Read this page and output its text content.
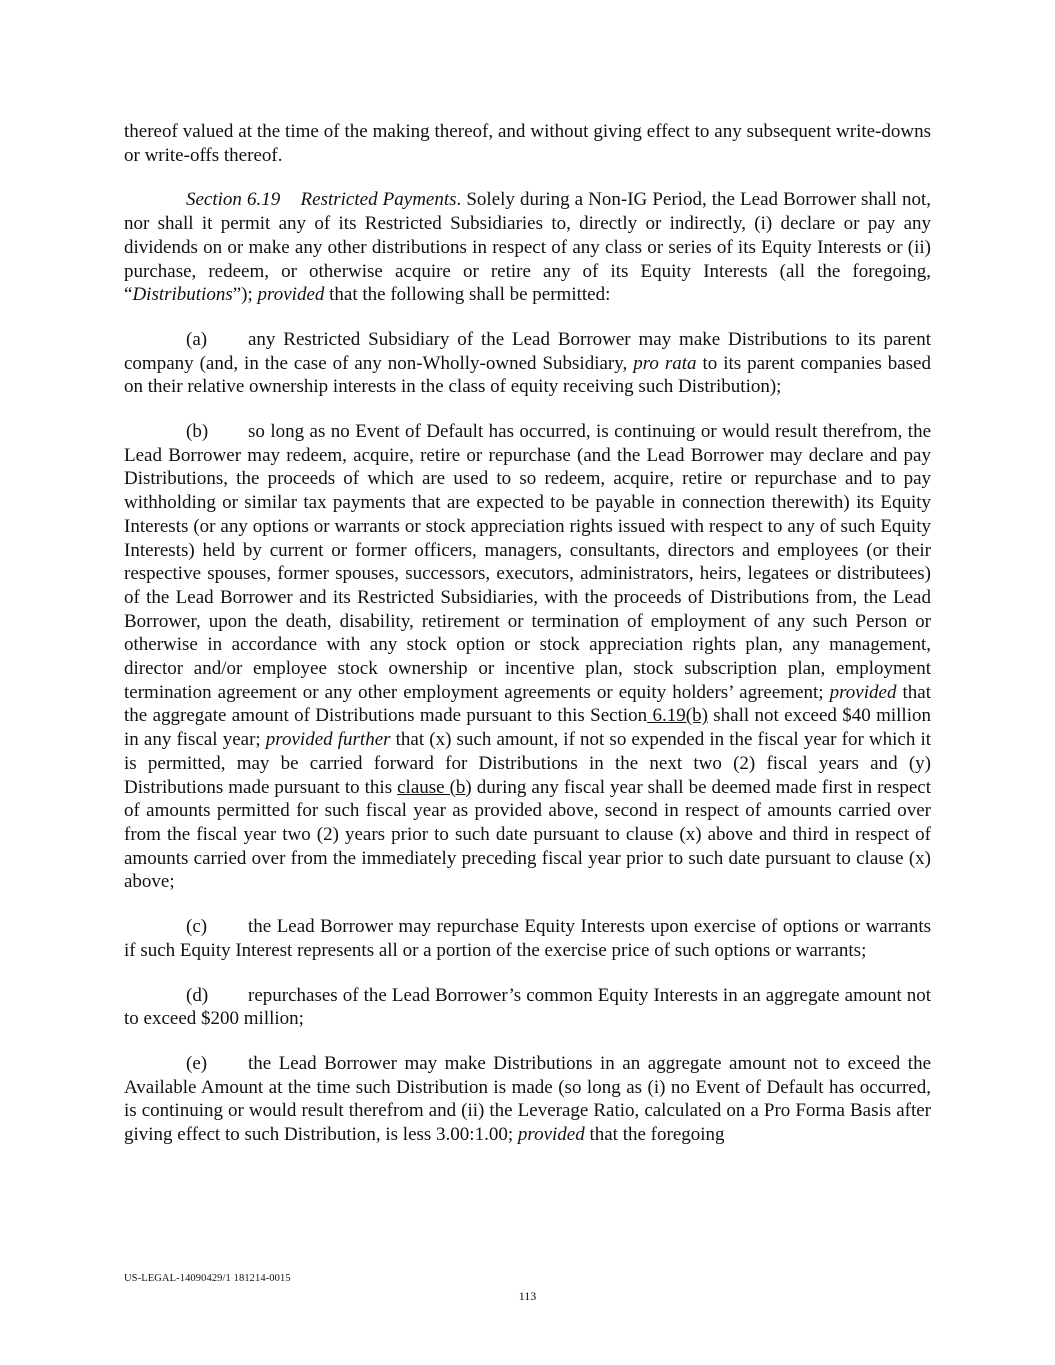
thereof valued at the time of the making thereof, and without giving effect to any subsequent write-downs or write-offs thereof.

Section 6.19 Restricted Payments. Solely during a Non-IG Period, the Lead Borrower shall not, nor shall it permit any of its Restricted Subsidiaries to, directly or indirectly, (i) declare or pay any dividends on or make any other distributions in respect of any class or series of its Equity Interests or (ii) purchase, redeem, or otherwise acquire or retire any of its Equity Interests (all the foregoing, “Distributions”); provided that the following shall be permitted:

(a) any Restricted Subsidiary of the Lead Borrower may make Distributions to its parent company (and, in the case of any non-Wholly-owned Subsidiary, pro rata to its parent companies based on their relative ownership interests in the class of equity receiving such Distribution);

(b) so long as no Event of Default has occurred, is continuing or would result therefrom, the Lead Borrower may redeem, acquire, retire or repurchase (and the Lead Borrower may declare and pay Distributions, the proceeds of which are used to so redeem, acquire, retire or repurchase and to pay withholding or similar tax payments that are expected to be payable in connection therewith) its Equity Interests (or any options or warrants or stock appreciation rights issued with respect to any of such Equity Interests) held by current or former officers, managers, consultants, directors and employees (or their respective spouses, former spouses, successors, executors, administrators, heirs, legatees or distributees) of the Lead Borrower and its Restricted Subsidiaries, with the proceeds of Distributions from, the Lead Borrower, upon the death, disability, retirement or termination of employment of any such Person or otherwise in accordance with any stock option or stock appreciation rights plan, any management, director and/or employee stock ownership or incentive plan, stock subscription plan, employment termination agreement or any other employment agreements or equity holders’ agreement; provided that the aggregate amount of Distributions made pursuant to this Section 6.19(b) shall not exceed $40 million in any fiscal year; provided further that (x) such amount, if not so expended in the fiscal year for which it is permitted, may be carried forward for Distributions in the next two (2) fiscal years and (y) Distributions made pursuant to this clause (b) during any fiscal year shall be deemed made first in respect of amounts permitted for such fiscal year as provided above, second in respect of amounts carried over from the fiscal year two (2) years prior to such date pursuant to clause (x) above and third in respect of amounts carried over from the immediately preceding fiscal year prior to such date pursuant to clause (x) above;

(c) the Lead Borrower may repurchase Equity Interests upon exercise of options or warrants if such Equity Interest represents all or a portion of the exercise price of such options or warrants;

(d) repurchases of the Lead Borrower’s common Equity Interests in an aggregate amount not to exceed $200 million;

(e) the Lead Borrower may make Distributions in an aggregate amount not to exceed the Available Amount at the time such Distribution is made (so long as (i) no Event of Default has occurred, is continuing or would result therefrom and (ii) the Leverage Ratio, calculated on a Pro Forma Basis after giving effect to such Distribution, is less 3.00:1.00; provided that the foregoing

US-LEGAL-14090429/1 181214-0015
113
